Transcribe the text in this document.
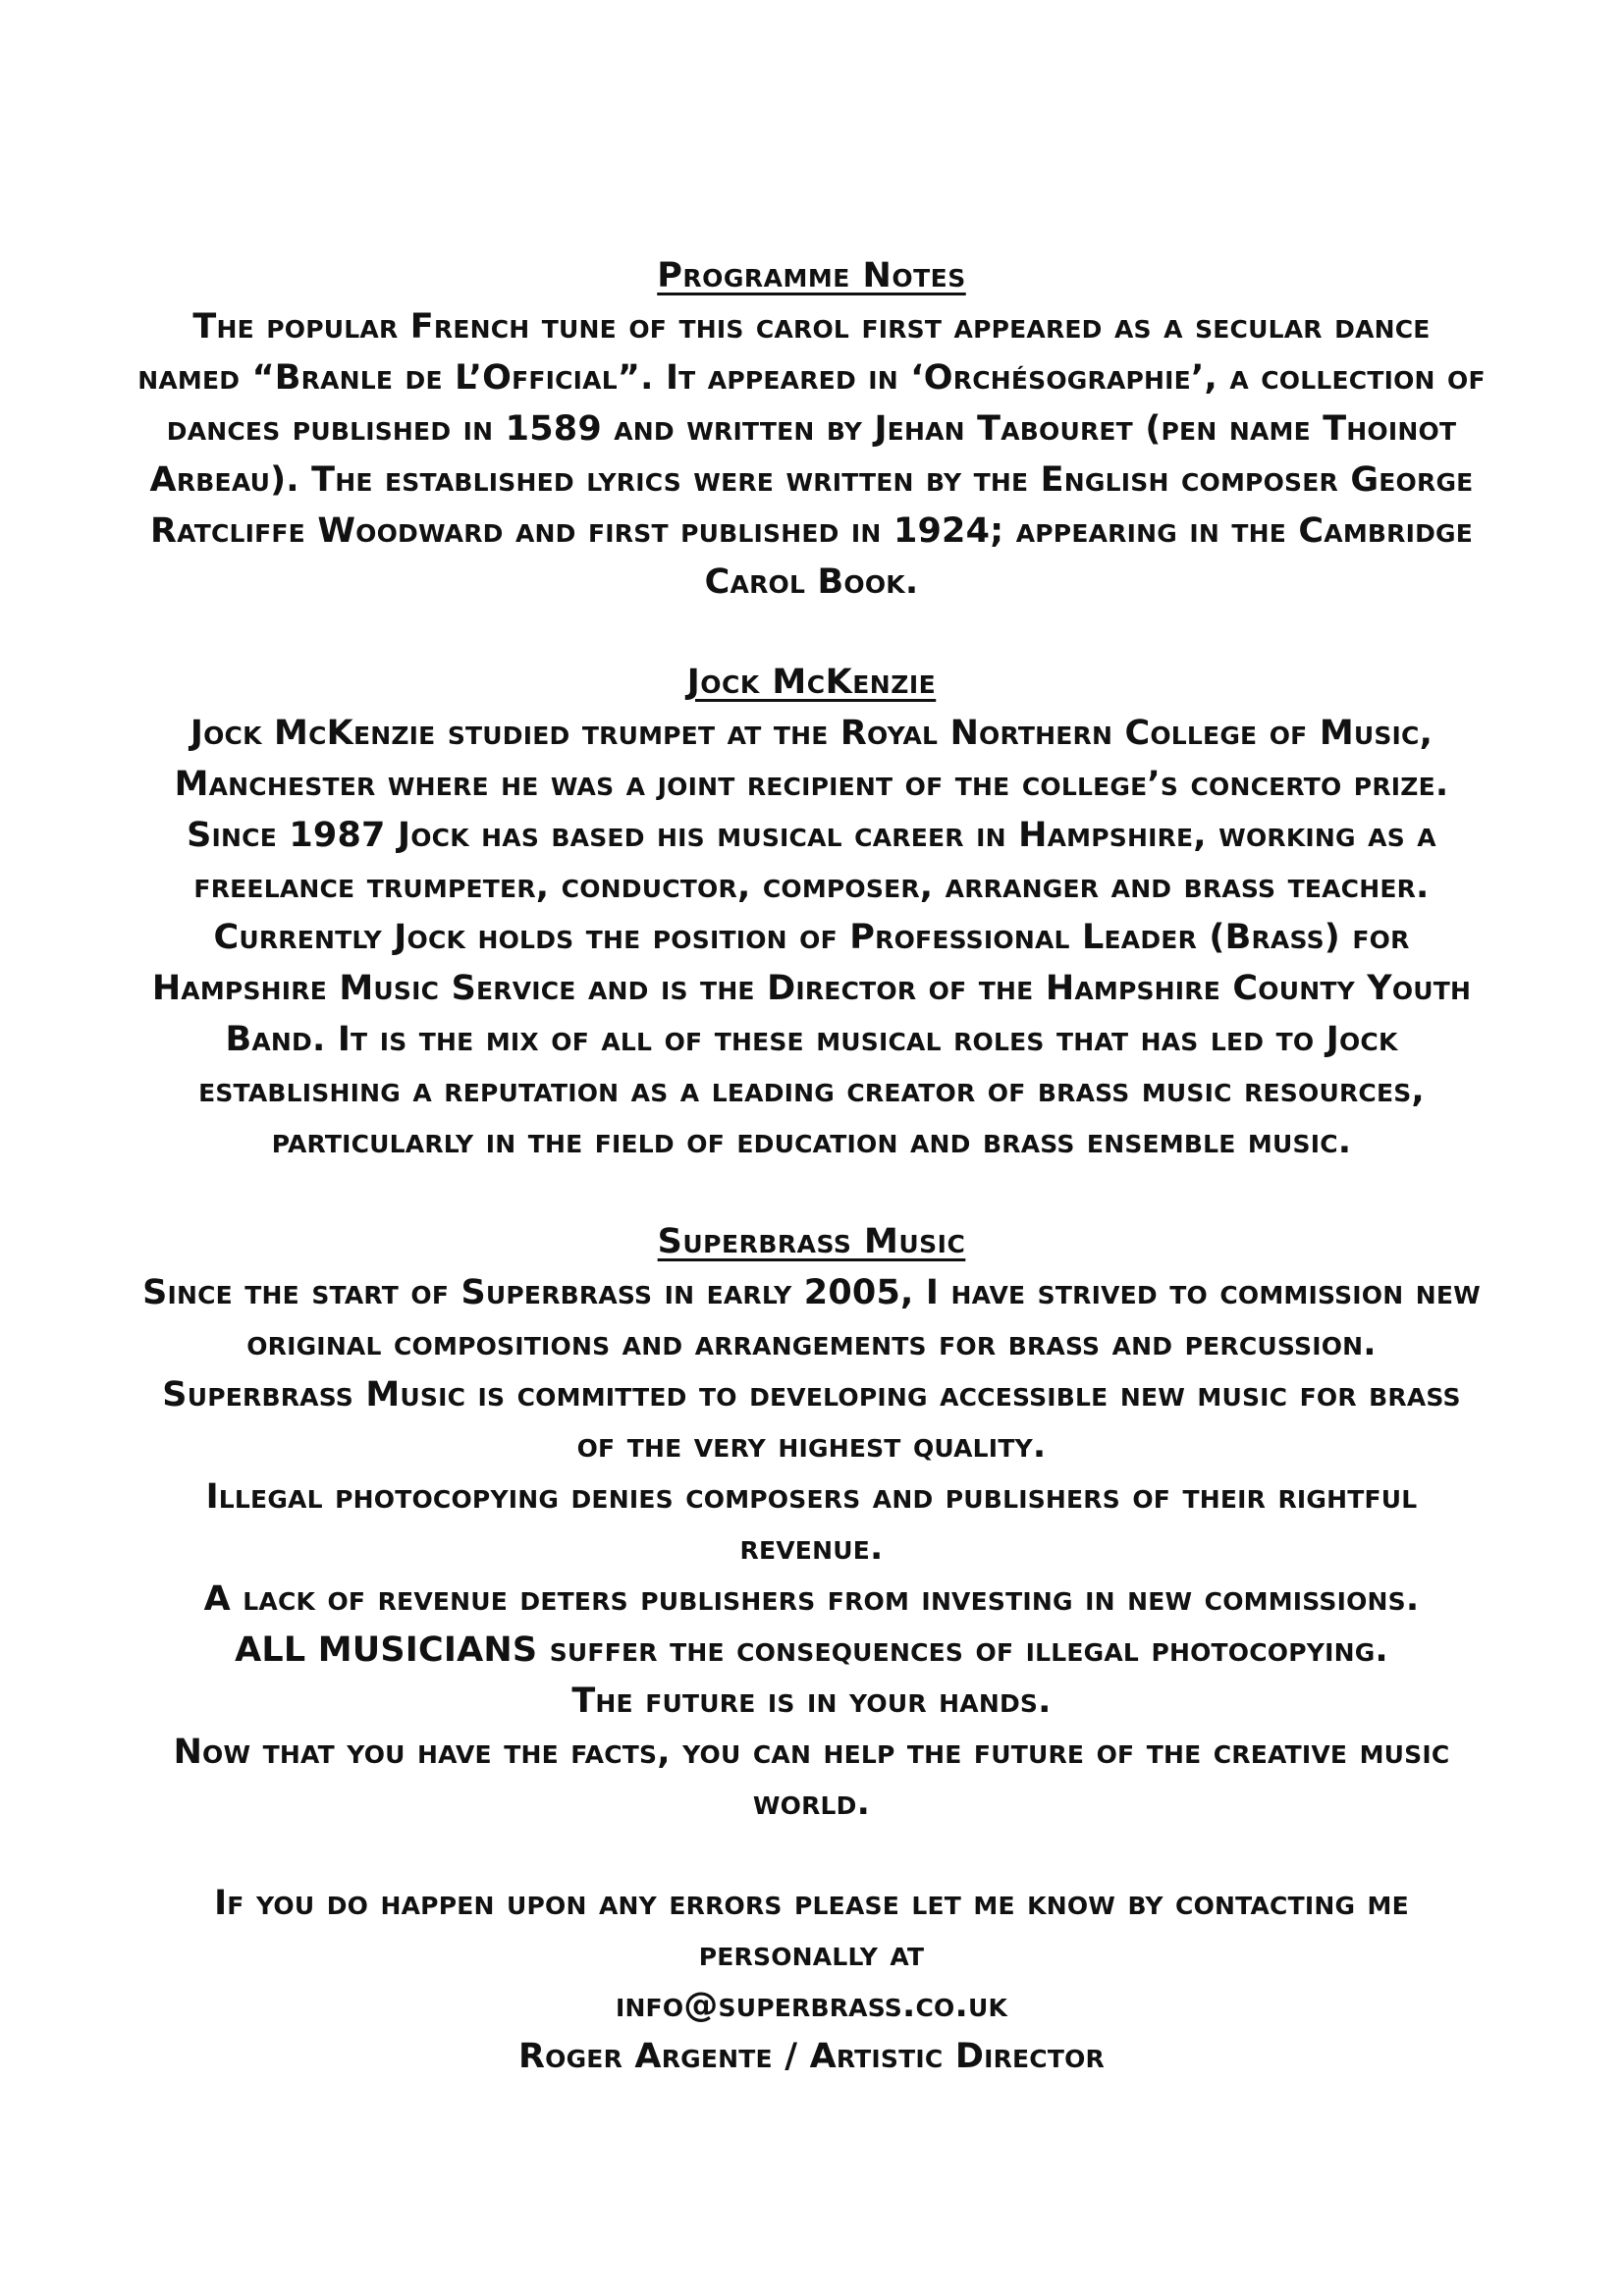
Programme Notes
The popular French tune of this carol first appeared as a secular dance named “Branle de L’Official”. It appeared in ‘Orchésographie’, a collection of dances published in 1589 and written by Jehan Tabouret (pen name Thoinot Arbeau). The established lyrics were written by the English composer George Ratcliffe Woodward and first published in 1924; appearing in the Cambridge Carol Book.
Jock McKenzie
Jock McKenzie studied trumpet at the Royal Northern College of Music, Manchester where he was a joint recipient of the college’s concerto prize. Since 1987 Jock has based his musical career in Hampshire, working as a freelance trumpeter, conductor, composer, arranger and brass teacher. Currently Jock holds the position of Professional Leader (Brass) for Hampshire Music Service and is the Director of the Hampshire County Youth Band. It is the mix of all of these musical roles that has led to Jock establishing a reputation as a leading creator of brass music resources, particularly in the field of education and brass ensemble music.
Superbrass Music
Since the start of Superbrass in early 2005, I have strived to commission new original compositions and arrangements for brass and percussion.
Superbrass Music is committed to developing accessible new music for brass of the very highest quality.
Illegal photocopying denies composers and publishers of their rightful revenue.
A lack of revenue deters publishers from investing in new commissions.
ALL MUSICIANS suffer the consequences of illegal photocopying.
The future is in your hands.
Now that you have the facts, you can help the future of the creative music world.
If you do happen upon any errors please let me know by contacting me personally at
info@superbrass.co.uk
Roger Argente / Artistic Director
